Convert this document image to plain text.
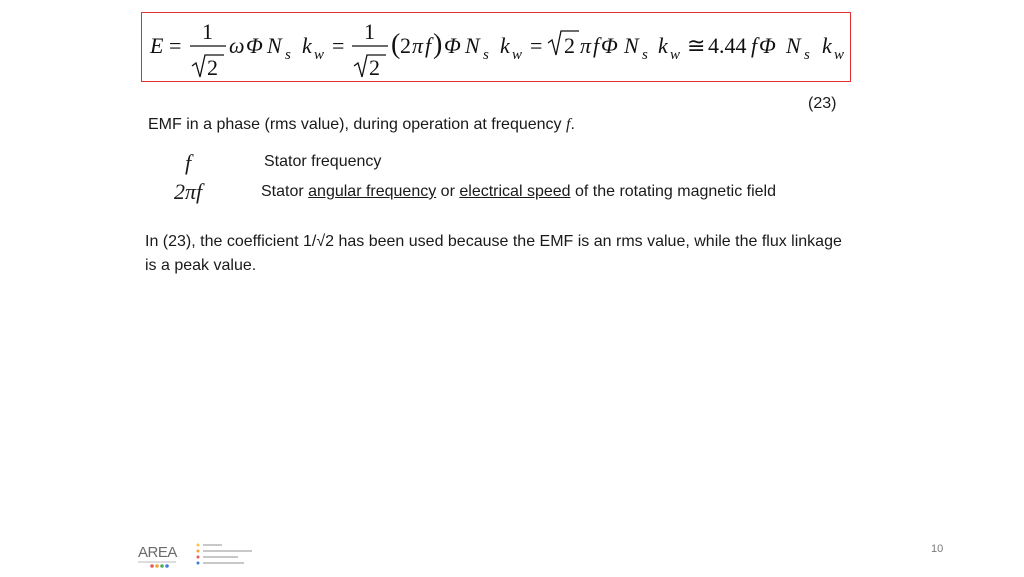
E =
1
2
ω Φ N s k w =
1
2
( 2 π f ) Φ N s k w = 2 π f Φ N s k w ≅ 4.44 f Φ N s k w
(23)
EMF in a phase (rms value), during operation at frequency f.
f	Stator frequency
2πf	Stator angular frequency or electrical speed of the rotating magnetic field
In (23), the coefficient 1/√2 has been used because the EMF is an rms value, while the flux linkage is a peak value.
AREA	10
